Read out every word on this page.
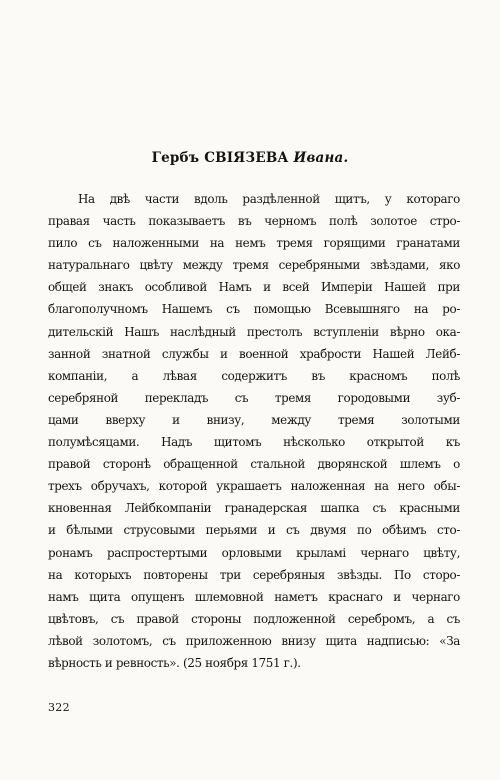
Гербъ СВІЯЗЕВА Ивана.
На двѣ части вдоль раздѣленной щитъ, у котораго
правая часть показываетъ въ черномъ полѣ золотое стро-
пило съ наложенными на немъ тремя горящими гранатами
натуральнаго цвѣту между тремя серебряными звѣздами, яко
общей знакъ особливой Намъ и всей Имперіи Нашей при
благополучномъ Нашемъ съ помощью Всевышняго на ро-
дительскій Нашъ наслѣдный престолъ вступленіи вѣрно ока-
занной знатной службы и военной храбрости Нашей Лейб-
компаніи, а лѣвая содержитъ въ красномъ полѣ
серебряной перекладъ съ тремя городовыми зуб-
цами вверху и внизу, между тремя золотыми
полумѣсяцами. Надъ щитомъ нѣсколько открытой къ
правой сторонѣ обращенной стальной дворянской шлемъ о
трехъ обручахъ, которой украшаетъ наложенная на него обы-
кновенная Лейбкомпаніи гранадерская шапка съ красными
и бѣлыми струсовыми перьями и съ двумя по обѣимъ сто-
ронамъ распростертыми орловыми крыламі чернаго цвѣту,
на которыхъ повторены три серебряныя звѣзды. По сторо-
намъ щита опущенъ шлемовной наметъ краснаго и чернаго
цвѣтовъ, съ правой стороны подложенной серебромъ, а съ
лѣвой золотомъ, съ приложенною внизу щита надписью: «За
вѣрность и ревность». (25 ноября 1751 г.).
322
